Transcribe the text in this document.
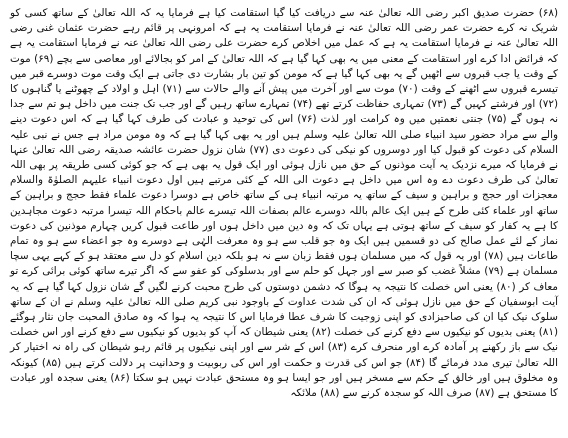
(۶۸) حضرت صدیق اکبر رضی اللہ تعالیٰ عنہ سے دریافت کیا گیا استقامت کیا ہے فرمایا یہ کہ اللہ تعالیٰ کے ساتھ کسی کو شریک نہ کرے حضرت عمر رضی اللہ تعالیٰ عنہ نے فرمایا استقامت یہ ہے کہ امرونہی پر قائم رہے حضرت عثمان غنی رضی اللہ تعالیٰ عنہ نے فرمایا استقامت یہ ہے کہ عمل میں اخلاص کرے حضرت علی رضی اللہ تعالیٰ عنہ نے فرمایا استقامت یہ ہے کہ فرائض ادا کرے اور استقامت کے معنی میں یہ بھی کہا گیا ہے کہ اللہ تعالیٰ کے امر کو بجالائے اور معاصی سے بچے (۶۹) موت کے وقت یا جب قبروں سے اٹھیں گے یہ بھی کہا گیا ہے کہ مومن کو تین بار بشارت دی جاتی ہے ایک وقت موت دوسرے قبر میں تیسرے قبروں سے اٹھنے کے وقت (۷۰) موت سے اور آخرت میں پیش آنے والے حالات سے (۷۱) اہل و اولاد کے چھوٹنے یا گناہوں کا (۷۲) اور فرشتے کہیں گے (۷۳) تمہاری حفاظت کرتے تھے (۷۴) تمہارے ساتھ رہیں گے اور جب تک جنت میں داخل ہو تم سے جدا نہ ہوں گے (۷۵) جنتی نعمتیں میں وہ کرامت اور لذت (۷۶) اس کی توحید و عبادت کی طرف کہا گیا ہے کہ اس دعوت دینے والے سے مراد حضور سید انبیاء صلی اللہ تعالیٰ علیہ وسلم ہیں اور یہ بھی کہا گیا ہے کہ وہ مومن مراد ہے جس نے نبی علیہ السلام کی دعوت کو قبول کیا اور دوسروں کو نیکی کی دعوت دی (۷۷) شان نزول حضرت عائشہ صدیقہ رضی اللہ تعالیٰ عنہا نے فرمایا کہ میرے نزدیک یہ آیت موذنوں کے حق میں نازل ہوئی اور ایک قول یہ بھی ہے کہ جو کوئی کسی طریقہ پر بھی اللہ تعالیٰ کی طرف دعوت دے وہ اس میں داخل ہے دعوت الی اللہ کے کئی مرتبے ہیں اول دعوت انبیاء علیہم الصلوٰۃ والسلام معجزات اور حجج و براہین و سیف کے ساتھ یہ مرتبہ انبیاء ہی کے ساتھ خاص ہے دوسرا دعوت علماء فقط حجج و براہین کے ساتھ اور علماء کئی طرح کے ہیں ایک عالم باللہ دوسرے عالم بصفات اللہ تیسرے عالم باحکام اللہ تیسرا مرتبہ دعوت مجاہدین کا ہے یہ کفار کو سیف کے ساتھ ہوتی ہے یہاں تک کہ وہ دین میں داخل ہوں اور طاعت قبول کریں چہارم موذنین کی دعوت نماز کے لئے عمل صالح کی دو قسمیں ہیں ایک وہ جو قلب سے ہو وہ معرفت الہٰی ہے دوسرے وہ جو اعضاء سے ہو وہ تمام طاعات ہیں (۷۸) اور یہ قول کہ میں مسلمان ہوں فقط زبان سے نہ ہو بلکہ دین اسلام کو دل سے معتقد ہو کے کہے یہی سچا مسلمان ہے (۷۹) مشلاً غضب کو صبر سے اور جہل کو حلم سے اور بدسلوکی کو عفو سے کہ اگر تیرے ساتھ کوئی برائی کرے تو معاف کر (۸۰) یعنی اس خصلت کا نتیجہ یہ ہوگا کہ دشمن دوستوں کی طرح محبت کرنے لگیں گے شان نزول کہا گیا ہے کہ یہ آیت ابوسفیان کے حق میں نازل ہوئی کہ ان کی شدت عداوت کے باوجود نبی کریم صلی اللہ تعالیٰ علیہ وسلم نے ان کے ساتھ سلوک نیک کیا ان کی صاحبزادی کو اپنی زوجیت کا شرف عطا فرمایا اس کا نتیجہ یہ ہوا کہ وہ صادق المحبت جان نثار ہوگئے (۸۱) یعنی بدیوں کو نیکیوں سے دفع کرنے کی خصلت (۸۲) یعنی شیطان کہ آپ کو بدیوں کو نیکیوں سے دفع کرنے اور اس خصلت نیک سے باز رکھنے پر آمادہ کرے اور منحرف کرے (۸۳) اس کے شر سے اور اپنی نیکیوں پر قائم رہو شیطان کی راہ نہ اختیار کر اللہ تعالیٰ تیری مدد فرمائے گا (۸۴) جو اس کی قدرت و حکمت اور اس کی ربوبیت و وحدانیت پر دلالت کرتے ہیں (۸۵) کیونکہ وہ مخلوق ہیں اور خالق کے حکم سے مسخر ہیں اور جو ایسا ہو وہ مستحق عبادت نہیں ہو سکتا (۸۶) یعنی سجدہ اور عبادت کا مستحق ہے (۸۷) صرف اللہ کو سجدہ کرنے سے (۸۸) ملائکہ
